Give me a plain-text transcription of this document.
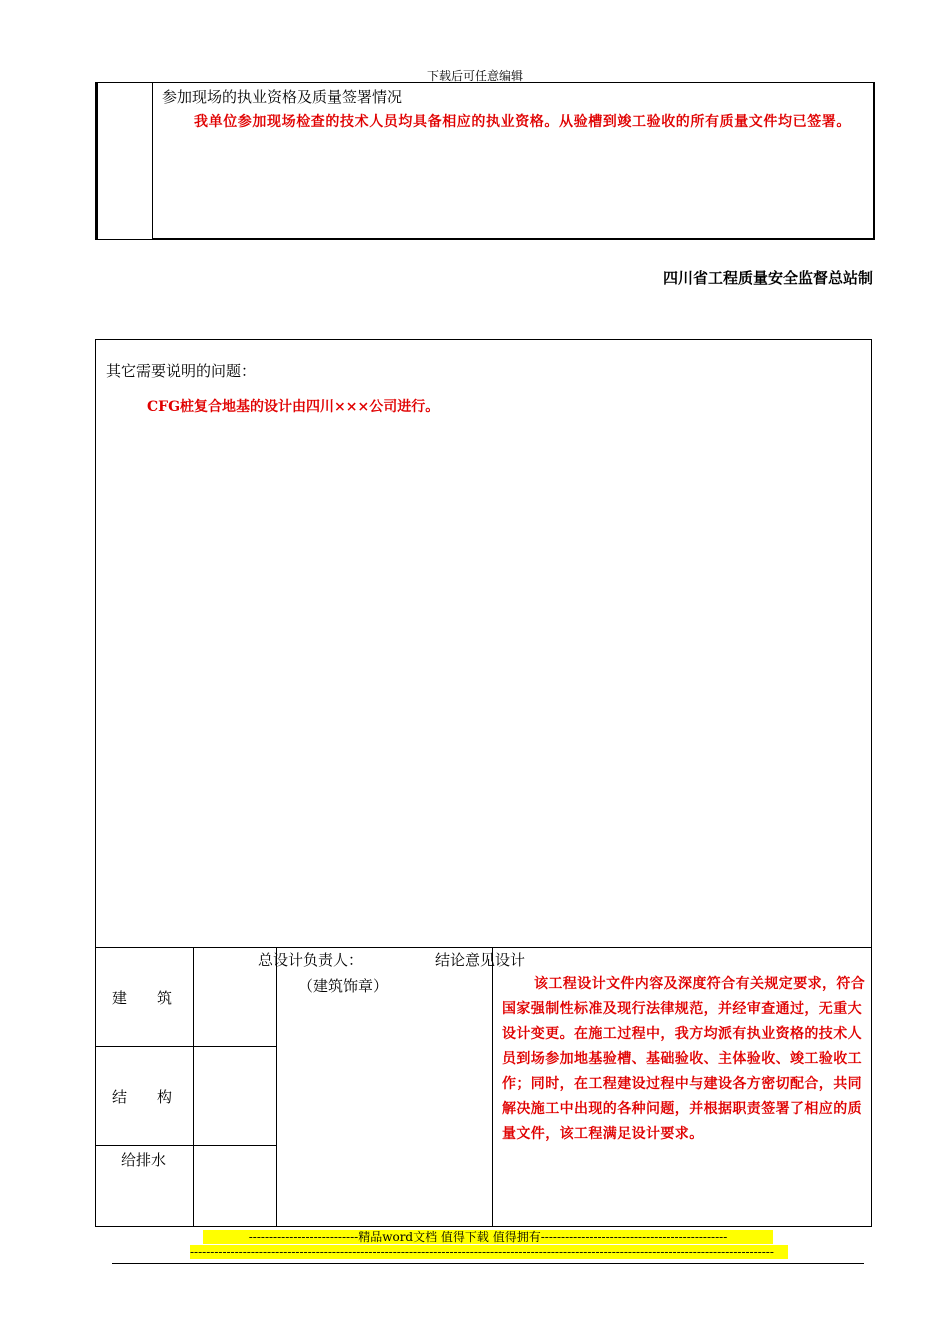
下载后可任意编辑
参加现场的执业资格及质量签署情况
我单位参加现场检查的技术人员均具备相应的执业资格。从验槽到竣工验收的所有质量文件均已签署。
四川省工程质量安全监督总站制
其它需要说明的问题：
CFG桩复合地基的设计由四川×××公司进行。
建　　筑
结　　构
给排水
总设计负责人：	结论意见设计
（建筑饰章）	该工程设计文件内容及深度符合有关规定要求，符合国家强制性标准及现行法律规范，并经审查通过，无重大设计变更。在施工过程中，我方均派有执业资格的技术人员到场参加地基验槽、基础验收、主体验收、竣工验收工作；同时，在工程建设过程中与建设各方密切配合，共同解决施工中出现的各种问题，并根据职责签署了相应的质量文件，该工程满足设计要求。
---------------------------精品word文档 值得下载 值得拥有----------------------------------------------
------------------------------------------------------------------------------------------------------------------------------------------------
